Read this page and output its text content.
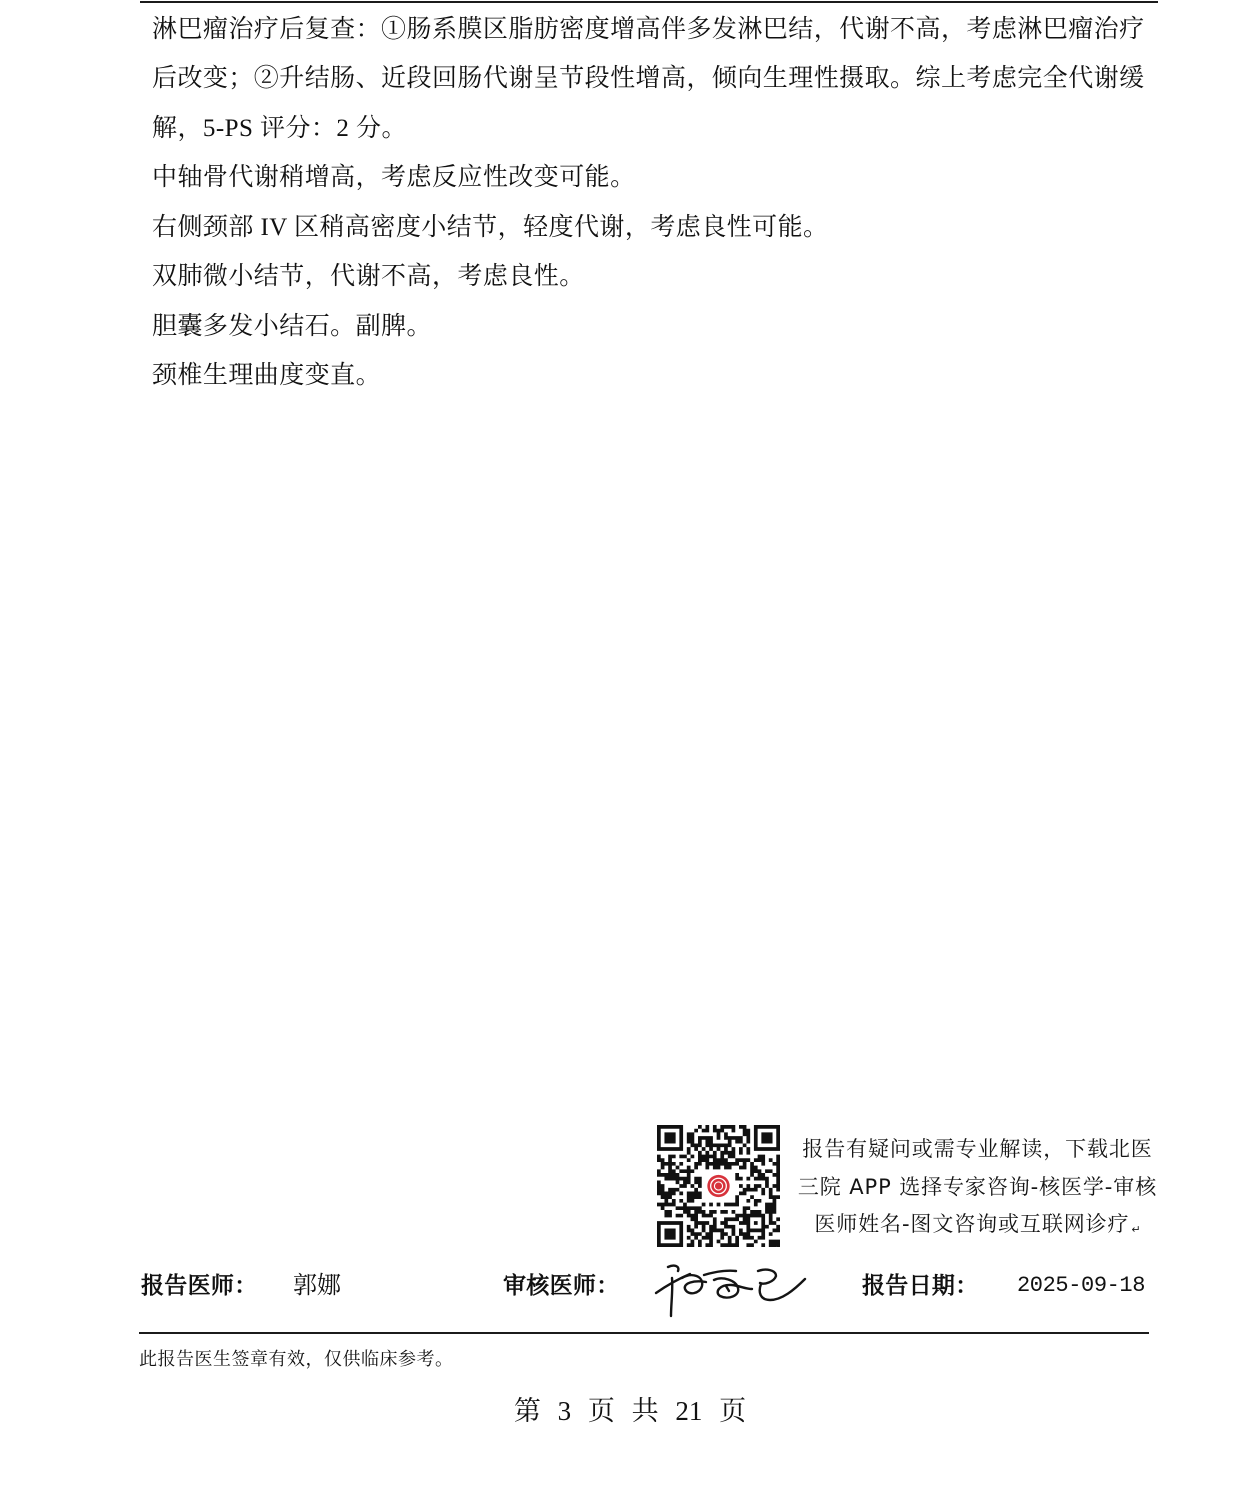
淋巴瘤治疗后复查：①肠系膜区脂肪密度增高伴多发淋巴结，代谢不高，考虑淋巴瘤治疗
后改变；②升结肠、近段回肠代谢呈节段性增高，倾向生理性摄取。综上考虑完全代谢缓
解，5-PS 评分：2 分。
中轴骨代谢稍增高，考虑反应性改变可能。
右侧颈部 IV 区稍高密度小结节，轻度代谢，考虑良性可能。
双肺微小结节，代谢不高，考虑良性。
胆囊多发小结石。副脾。
颈椎生理曲度变直。
报告有疑问或需专业解读，下载北医
三院 APP 选择专家咨询-核医学-审核
医师姓名-图文咨询或互联网诊疗 ↵
报告医师： 郭娜	审核医师：	报告日期： 2025-09-18
此报告医生签章有效，仅供临床参考。
第 3 页 共 21 页
